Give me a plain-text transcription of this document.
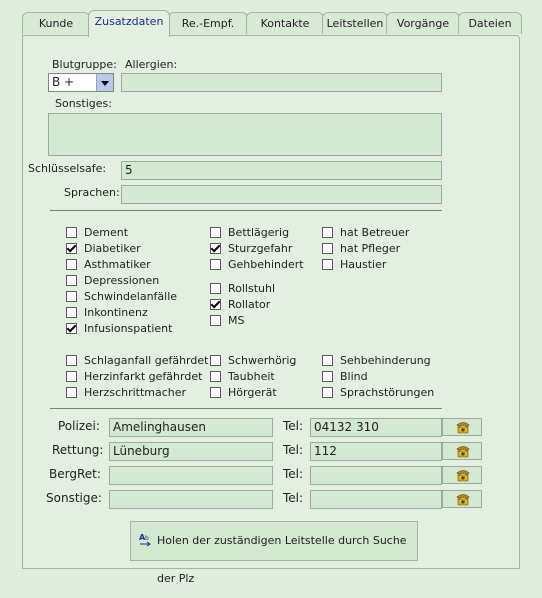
Kunde	Zusatzdaten	Re.-Empf.	Kontakte	Leitstellen	Vorgänge	Dateien
Blutgruppe: Allergien:
B +
Sonstiges:
Schlüsselsafe:	5
Sprachen:
Dement
Diabetiker
Asthmatiker
Depressionen
Schwindelanfälle
Inkontinenz
Infusionspatient
Bettlägerig
Sturzgefahr
Gehbehindert
Rollstuhl
Rollator
MS
hat Betreuer
hat Pfleger
Haustier
Schlaganfall gefährdet
Herzinfarkt gefährdet
Herzschrittmacher
Schwerhörig
Taubheit
Hörgerät
Sehbehinderung
Blind
Sprachstörungen
Polizei:	Amelinghausen	Tel: 04132 310
Rettung: Lüneburg	Tel: 112
BergRet:	Tel:
Sonstige:	Tel:
A b Holen der zuständigen Leitstelle durch Suche der Plz
